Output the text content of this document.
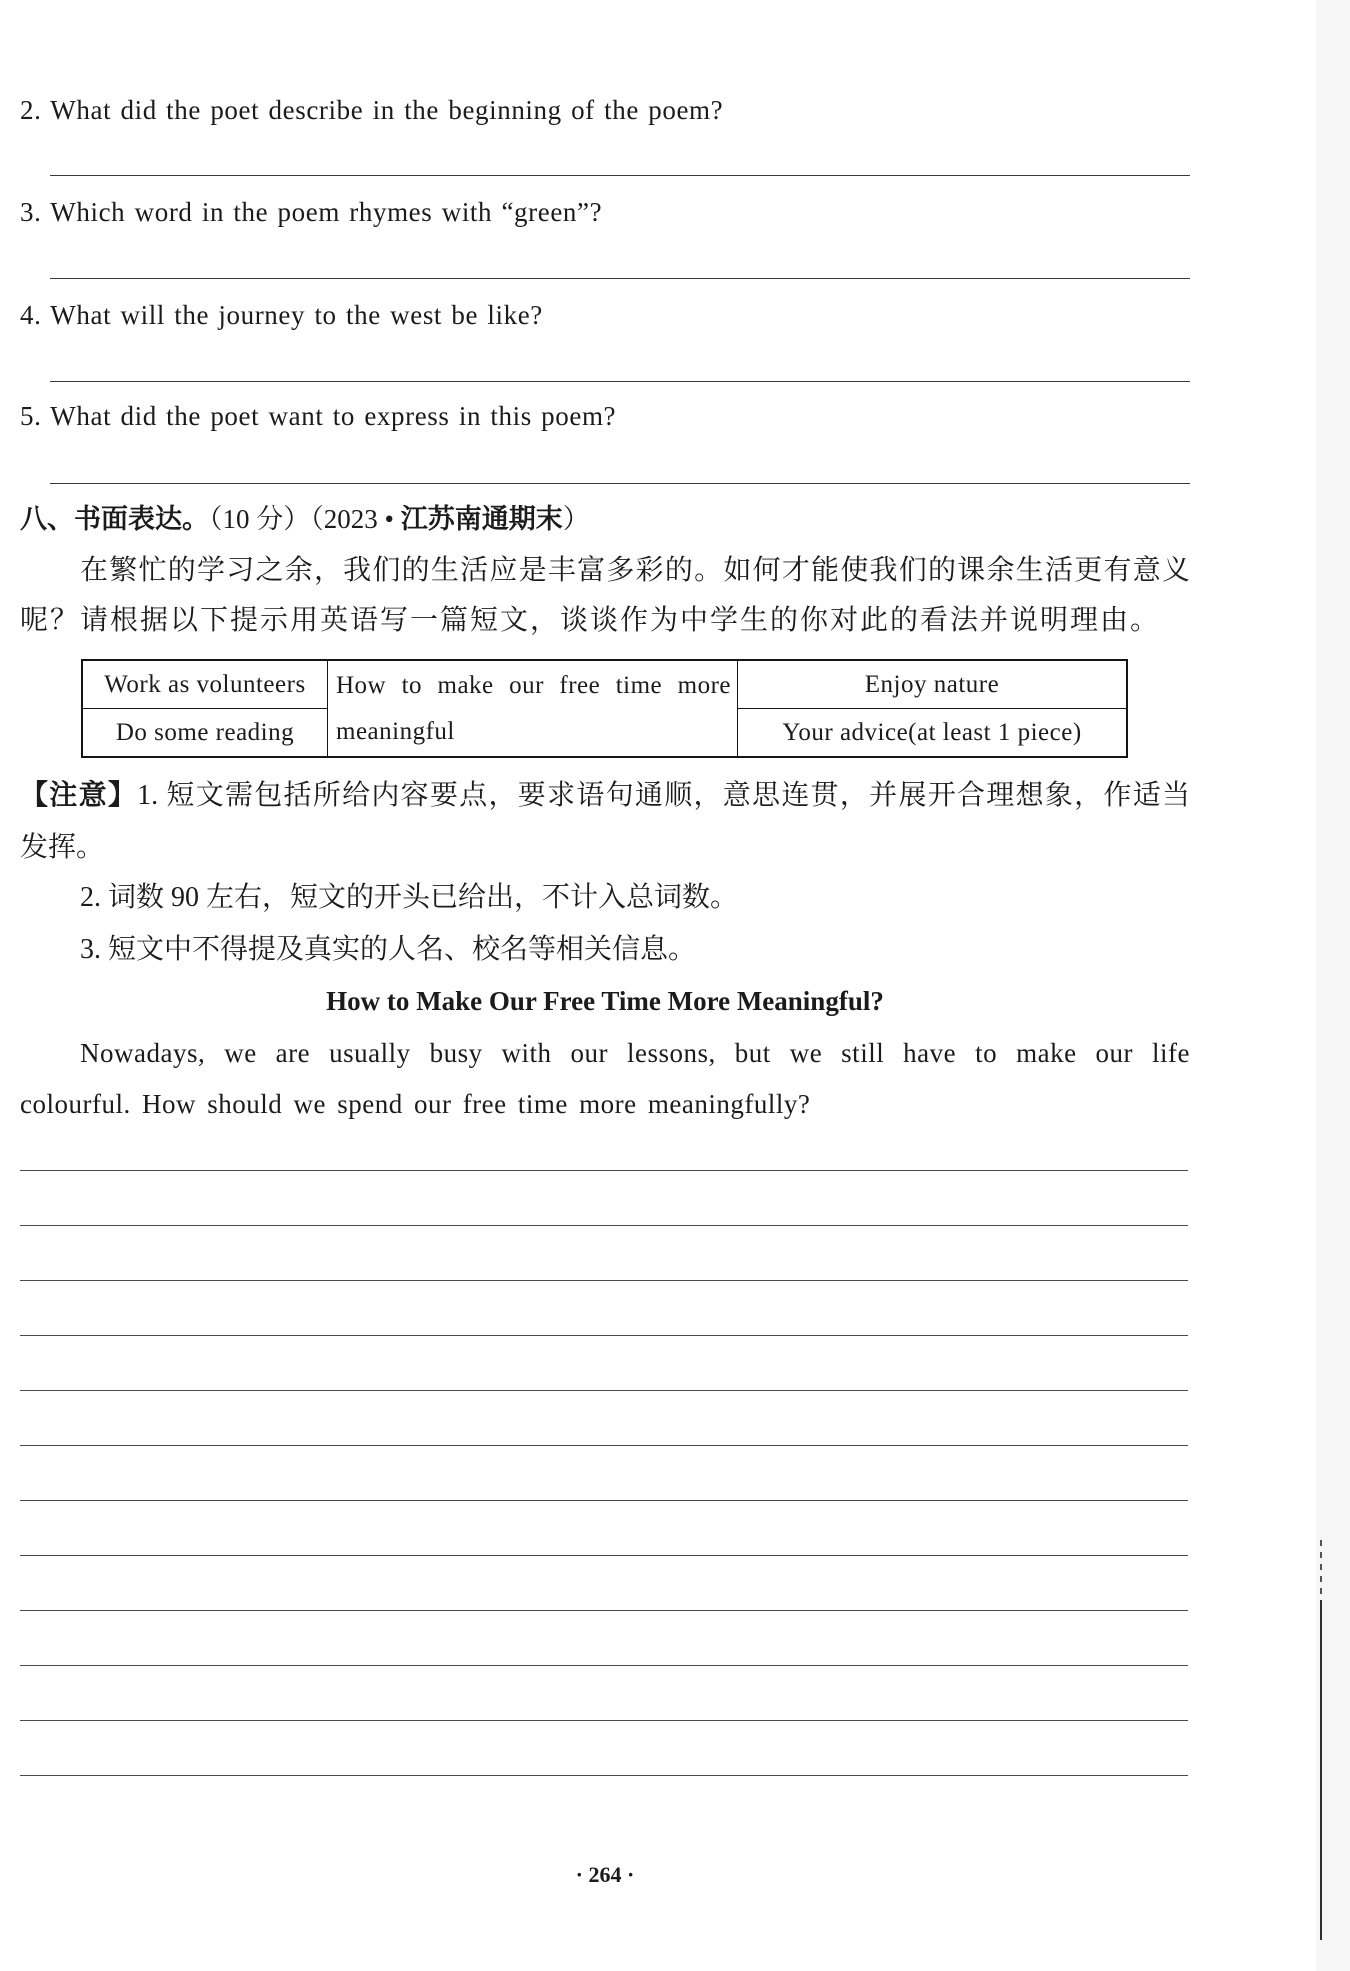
2. What did the poet describe in the beginning of the poem?
3. Which word in the poem rhymes with “green”?
4. What will the journey to the west be like?
5. What did the poet want to express in this poem?
八、书面表达。（10 分）（2023 • 江苏南通期末）
在繁忙的学习之余，我们的生活应是丰富多彩的。如何才能使我们的课余生活更有意义
呢？请根据以下提示用英语写一篇短文，谈谈作为中学生的你对此的看法并说明理由。
Work as volunteers
Do some reading
How to make our free time more meaningful
Enjoy nature
Your advice(at least 1 piece)
【注意】1. 短文需包括所给内容要点，要求语句通顺，意思连贯，并展开合理想象，作适当
发挥。
2. 词数 90 左右，短文的开头已给出，不计入总词数。
3. 短文中不得提及真实的人名、校名等相关信息。
How to Make Our Free Time More Meaningful?
Nowadays, we are usually busy with our lessons, but we still have to make our life
colourful. How should we spend our free time more meaningfully?
· 264 ·
